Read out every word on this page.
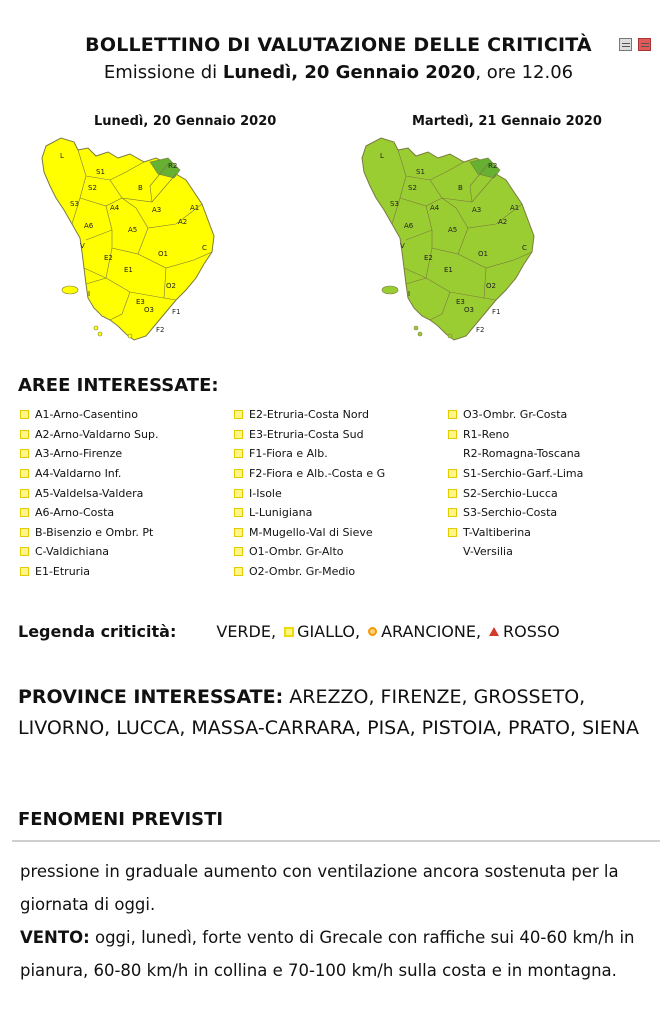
BOLLETTINO DI VALUTAZIONE DELLE CRITICITÀ
Emissione di Lunedì, 20 Gennaio 2020, ore 12.06
Lunedì, 20 Gennaio 2020	Martedì, 21 Gennaio 2020
L
S1
R2
B
S2
S3	A4	A3	A1
A6	A5
A2
V	C
E2	O1
E1
O2
I
E3
O3	F1
F2
L
S1
R2
B
S2
S3	A4	A3	A1
A6	A5
A2
V	C
E2	O1
E1
O2
I
E3
O3	F1
F2
AREE INTERESSATE:
A1-Arno-Casentino
A2-Arno-Valdarno Sup.
A3-Arno-Firenze
A4-Valdarno Inf.
A5-Valdelsa-Valdera
A6-Arno-Costa
B-Bisenzio e Ombr. Pt
C-Valdichiana
E1-Etruria
E2-Etruria-Costa Nord
E3-Etruria-Costa Sud
F1-Fiora e Alb.
F2-Fiora e Alb.-Costa e G
I-Isole
L-Lunigiana
M-Mugello-Val di Sieve
O1-Ombr. Gr-Alto
O2-Ombr. Gr-Medio
O3-Ombr. Gr-Costa
R1-Reno
R2-Romagna-Toscana
S1-Serchio-Garf.-Lima
S2-Serchio-Lucca
S3-Serchio-Costa
T-Valtiberina
V-Versilia
Legenda criticità:	VERDE, GIALLO, ARANCIONE, ROSSO
PROVINCE INTERESSATE: AREZZO, FIRENZE, GROSSETO, LIVORNO, LUCCA, MASSA-CARRARA, PISA, PISTOIA, PRATO, SIENA
FENOMENI PREVISTI
pressione in graduale aumento con ventilazione ancora sostenuta per la giornata di oggi.
VENTO: oggi, lunedì, forte vento di Grecale con raffiche sui 40-60 km/h in pianura, 60-80 km/h in collina e 70-100 km/h sulla costa e in montagna.
